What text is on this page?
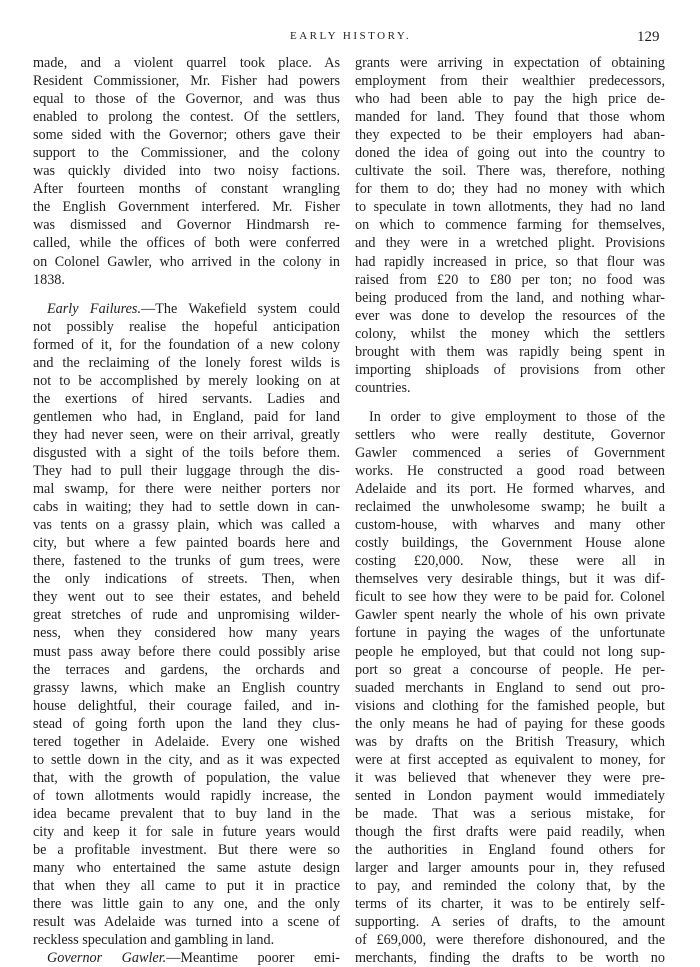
EARLY HISTORY.	129
made, and a violent quarrel took place. As
Resident Commissioner, Mr. Fisher had powers
equal to those of the Governor, and was thus
enabled to prolong the contest. Of the settlers,
some sided with the Governor; others gave their
support to the Commissioner, and the colony
was quickly divided into two noisy factions.
After fourteen months of constant wrangling
the English Government interfered. Mr. Fisher
was dismissed and Governor Hindmarsh re-
called, while the offices of both were conferred
on Colonel Gawler, who arrived in the colony in
1838.
Early Failures.—The Wakefield system could
not possibly realise the hopeful anticipation
formed of it, for the foundation of a new colony
and the reclaiming of the lonely forest wilds is
not to be accomplished by merely looking on at
the exertions of hired servants. Ladies and
gentlemen who had, in England, paid for land
they had never seen, were on their arrival, greatly
disgusted with a sight of the toils before them.
They had to pull their luggage through the dis-
mal swamp, for there were neither porters nor
cabs in waiting; they had to settle down in can-
vas tents on a grassy plain, which was called a
city, but where a few painted boards here and
there, fastened to the trunks of gum trees, were
the only indications of streets. Then, when
they went out to see their estates, and beheld
great stretches of rude and unpromising wilder-
ness, when they considered how many years
must pass away before there could possibly arise
the terraces and gardens, the orchards and
grassy lawns, which make an English country
house delightful, their courage failed, and in-
stead of going forth upon the land they clus-
tered together in Adelaide. Every one wished
to settle down in the city, and as it was expected
that, with the growth of population, the value
of town allotments would rapidly increase, the
idea became prevalent that to buy land in the
city and keep it for sale in future years would
be a profitable investment. But there were so
many who entertained the same astute design
that when they all came to put it in practice
there was little gain to any one, and the only
result was Adelaide was turned into a scene of
reckless speculation and gambling in land.
Governor Gawler.—Meantime poorer emi-
grants were arriving in expectation of obtaining
employment from their wealthier predecessors,
who had been able to pay the high price de-
manded for land. They found that those whom
they expected to be their employers had aban-
doned the idea of going out into the country to
cultivate the soil. There was, therefore, nothing
for them to do; they had no money with which
to speculate in town allotments, they had no land
on which to commence farming for themselves,
and they were in a wretched plight. Provisions
had rapidly increased in price, so that flour was
raised from £20 to £80 per ton; no food was
being produced from the land, and nothing whar-
ever was done to develop the resources of the
colony, whilst the money which the settlers
brought with them was rapidly being spent in
importing shiploads of provisions from other
countries.
In order to give employment to those of the
settlers who were really destitute, Governor
Gawler commenced a series of Government
works. He constructed a good road between
Adelaide and its port. He formed wharves, and
reclaimed the unwholesome swamp; he built a
custom-house, with wharves and many other
costly buildings, the Government House alone
costing £20,000. Now, these were all in
themselves very desirable things, but it was dif-
ficult to see how they were to be paid for. Colonel
Gawler spent nearly the whole of his own private
fortune in paying the wages of the unfortunate
people he employed, but that could not long sup-
port so great a concourse of people. He per-
suaded merchants in England to send out pro-
visions and clothing for the famished people, but
the only means he had of paying for these goods
was by drafts on the British Treasury, which
were at first accepted as equivalent to money, for
it was believed that whenever they were pre-
sented in London payment would immediately
be made. That was a serious mistake, for
though the first drafts were paid readily, when
the authorities in England found others for
larger and larger amounts pour in, they refused
to pay, and reminded the colony that, by the
terms of its charter, it was to be entirely self-
supporting. A series of drafts, to the amount
of £69,000, were therefore dishonoured, and the
merchants, finding the drafts to be worth no
